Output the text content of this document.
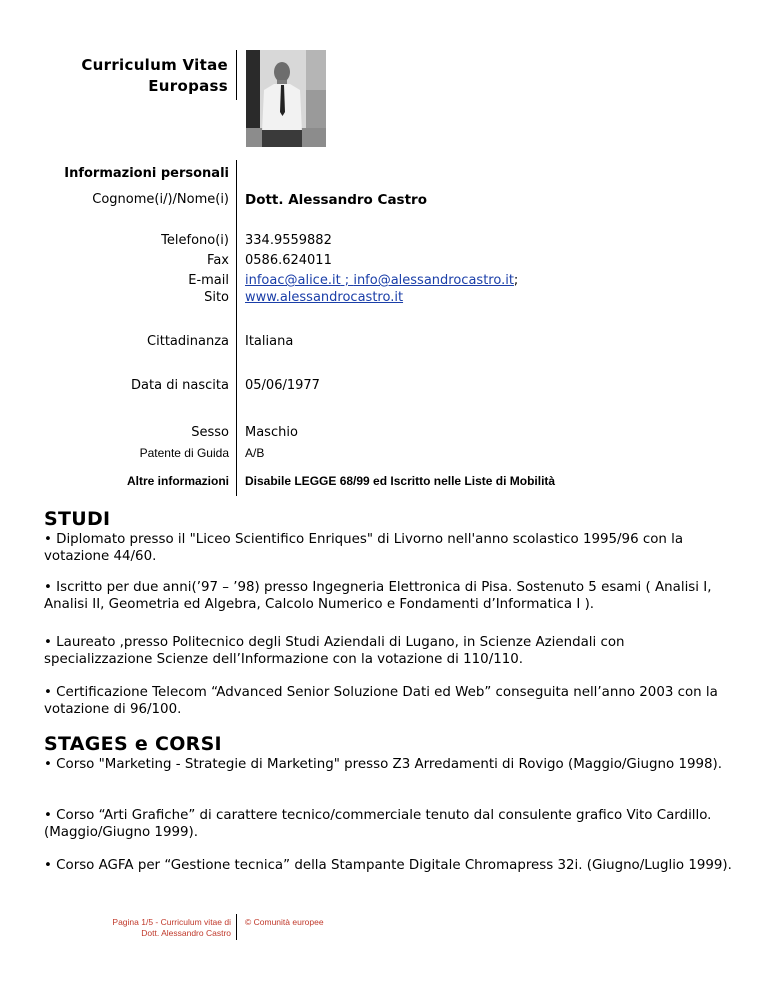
Curriculum Vitae
Europass
Informazioni personali
Cognome(i/)/Nome(i) Dott. Alessandro Castro
Telefono(i) 334.9559882
Fax 0586.624011
E-mail infoac@alice.it ; info@alessandrocastro.it;
Sito www.alessandrocastro.it
Cittadinanza Italiana
Data di nascita 05/06/1977
Sesso Maschio
Patente di Guida A/B
Altre informazioni Disabile LEGGE 68/99 ed Iscritto nelle Liste di Mobilità
STUDI
• Diplomato presso il "Liceo Scientifico Enriques" di Livorno nell'anno scolastico 1995/96 con la votazione 44/60.
• Iscritto per due anni(’97 – ’98) presso Ingegneria Elettronica di Pisa. Sostenuto 5 esami ( Analisi I, Analisi II, Geometria ed Algebra, Calcolo Numerico e Fondamenti d’Informatica I ).
• Laureato ,presso Politecnico degli Studi Aziendali di Lugano, in Scienze Aziendali con specializzazione Scienze dell’Informazione con la votazione di 110/110.
• Certificazione Telecom “Advanced Senior Soluzione Dati ed Web” conseguita nell’anno 2003 con la votazione di 96/100.
STAGES e CORSI
• Corso "Marketing - Strategie di Marketing" presso Z3 Arredamenti di Rovigo (Maggio/Giugno 1998).
• Corso “Arti Grafiche” di carattere tecnico/commerciale tenuto dal consulente grafico Vito Cardillo. (Maggio/Giugno 1999).
• Corso AGFA per “Gestione tecnica” della Stampante Digitale Chromapress 32i. (Giugno/Luglio 1999).
Pagina 1/5 - Curriculum vitae di
Dott. Alessandro Castro
© Comunità europee
